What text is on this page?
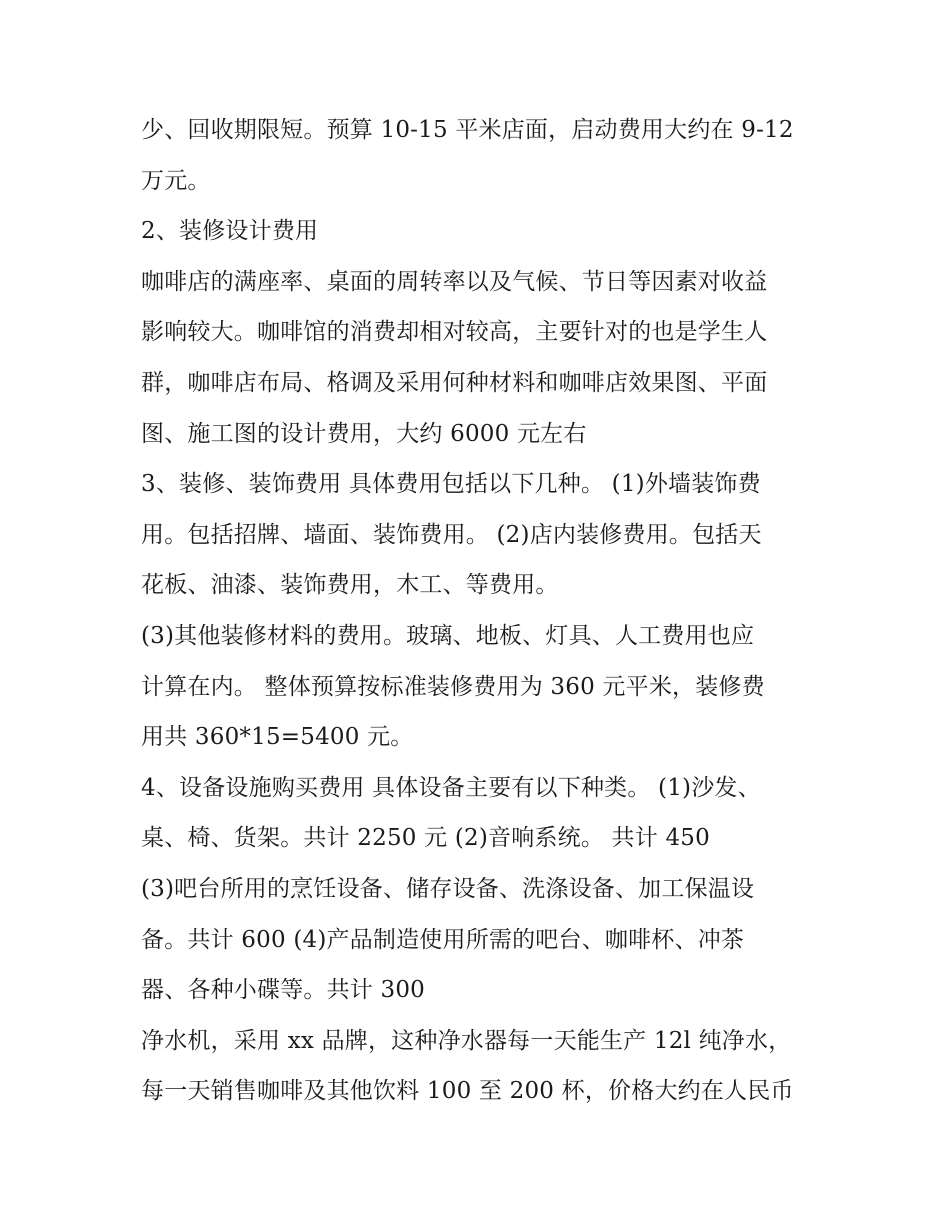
少、回收期限短。预算 10-15 平米店面，启动费用大约在 9-12
万元。
2、装修设计费用
咖啡店的满座率、桌面的周转率以及气候、节日等因素对收益
影响较大。咖啡馆的消费却相对较高，主要针对的也是学生人
群，咖啡店布局、格调及采用何种材料和咖啡店效果图、平面
图、施工图的设计费用，大约 6000 元左右
3、装修、装饰费用 具体费用包括以下几种。 (1)外墙装饰费
用。包括招牌、墙面、装饰费用。 (2)店内装修费用。包括天
花板、油漆、装饰费用，木工、等费用。
(3)其他装修材料的费用。玻璃、地板、灯具、人工费用也应
计算在内。 整体预算按标准装修费用为 360 元平米，装修费
用共 360*15=5400 元。
4、设备设施购买费用 具体设备主要有以下种类。 (1)沙发、
桌、椅、货架。共计 2250 元 (2)音响系统。 共计 450
(3)吧台所用的烹饪设备、储存设备、洗涤设备、加工保温设
备。共计 600 (4)产品制造使用所需的吧台、咖啡杯、冲茶
器、各种小碟等。共计 300
净水机，采用 xx 品牌，这种净水器每一天能生产 12l 纯净水，
每一天销售咖啡及其他饮料 100 至 200 杯，价格大约在人民币
